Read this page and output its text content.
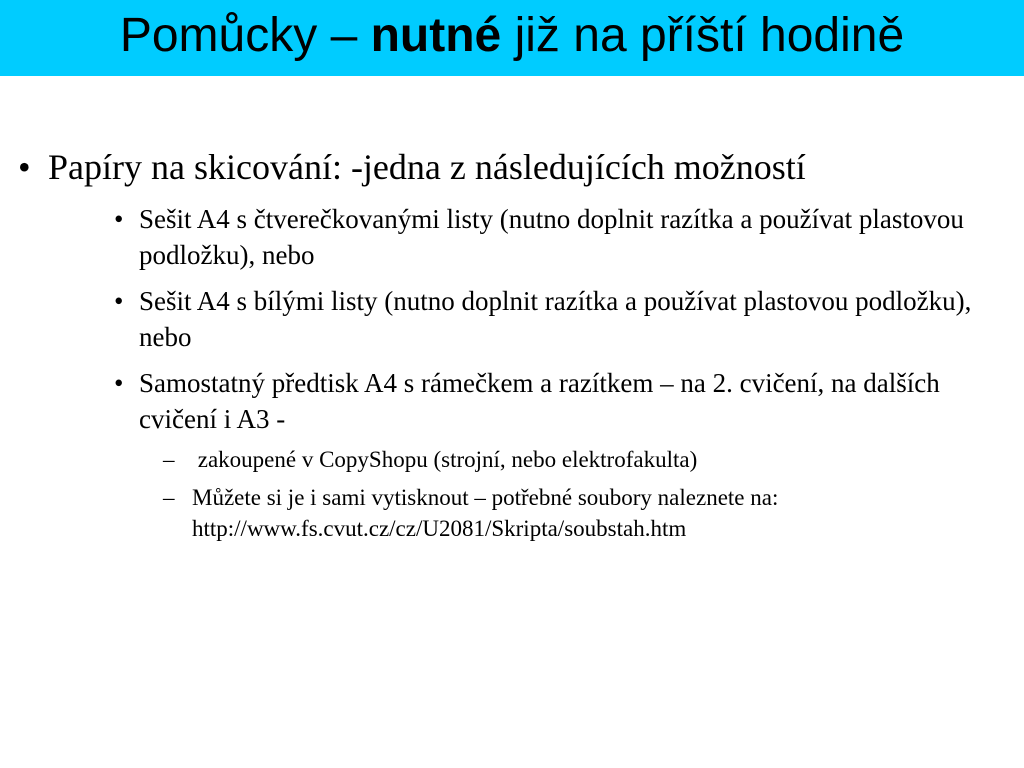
Pomůcky – nutné již na příští hodině
• Papíry na skicování: -jedna z následujících možností
• Sešit A4 s čtverečkovanými listy (nutno doplnit razítka a používat plastovou podložku), nebo
• Sešit A4 s bílými listy (nutno doplnit razítka a používat plastovou podložku), nebo
• Samostatný předtisk A4 s rámečkem a razítkem – na 2. cvičení, na dalších cvičení i A3 -
– zakoupené v CopyShopu (strojní, nebo elektrofakulta)
– Můžete si je i sami vytisknout – potřebné soubory naleznete na: http://www.fs.cvut.cz/cz/U2081/Skripta/soubstah.htm
